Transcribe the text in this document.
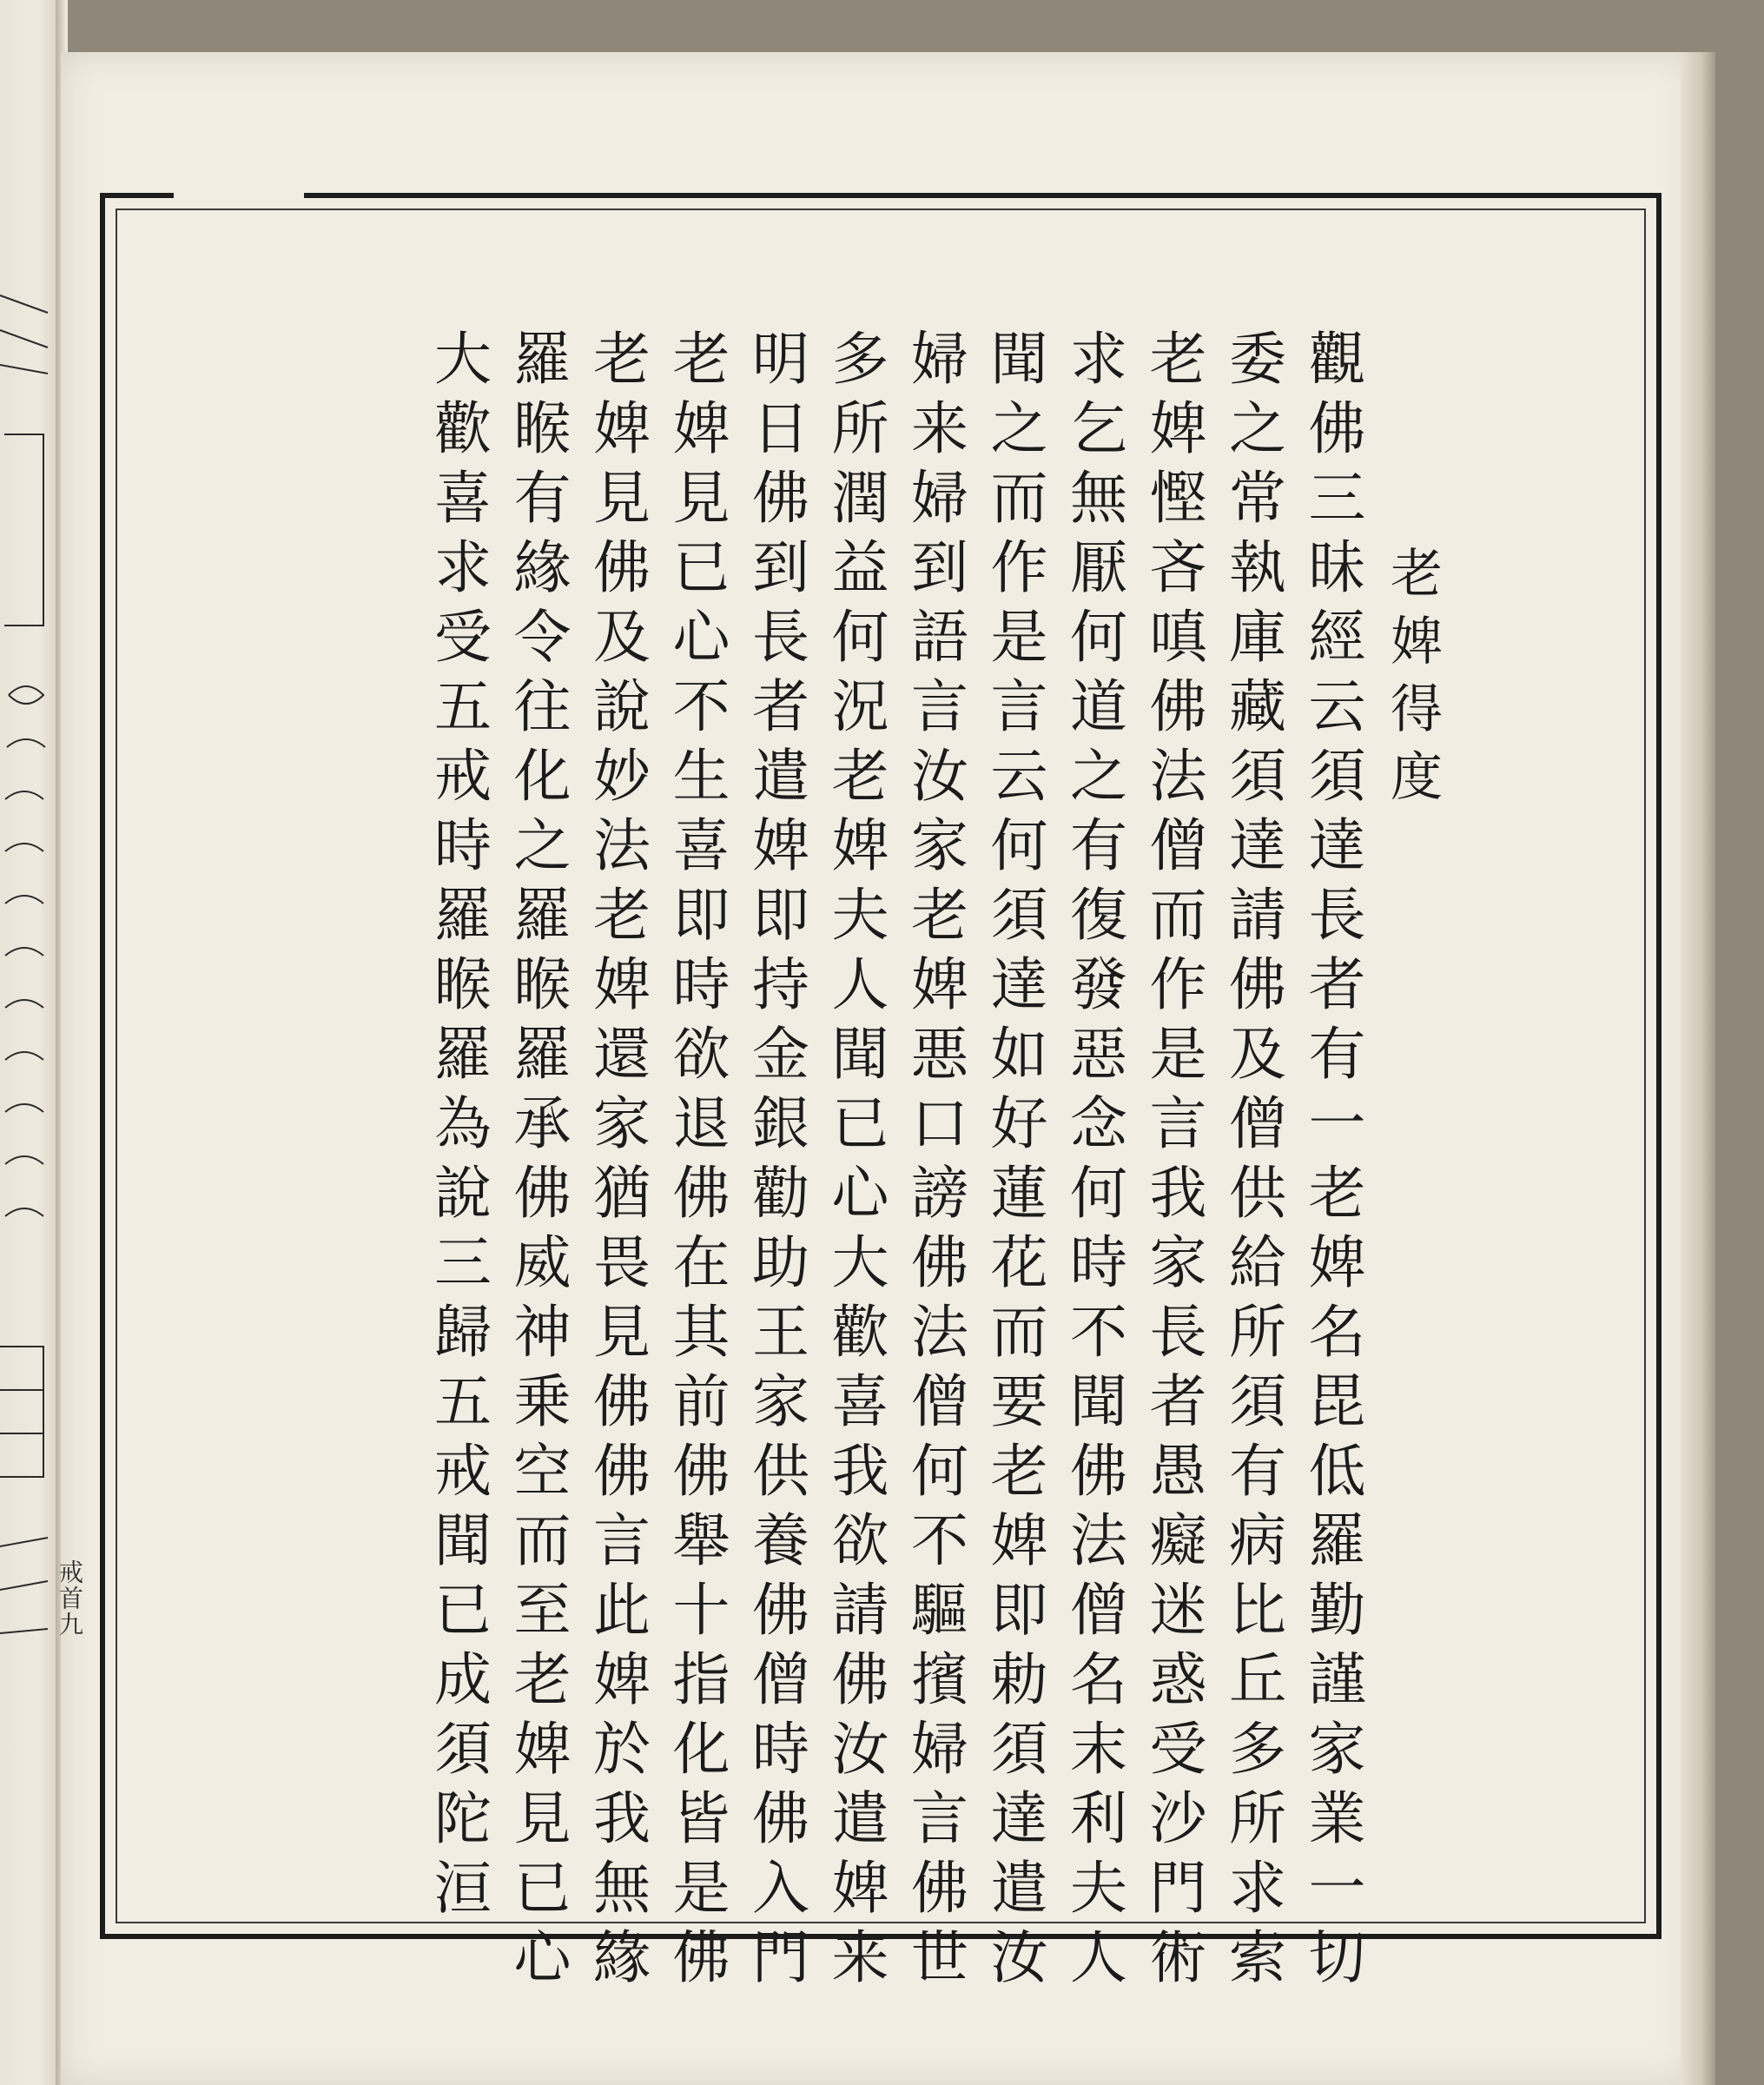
老婢得度
觀佛三昧經云須達長者有一老婢名毘低羅勤謹家業一切
委之常執庫藏須達請佛及僧供給所須有病比丘多所求索
老婢慳吝嗔佛法僧而作是言我家長者愚癡迷惑受沙門術
求乞無厭何道之有復發惡念何時不聞佛法僧名末利夫人
聞之而作是言云何須達如好蓮花而要老婢即勅須達遣汝
婦来婦到語言汝家老婢悪口謗佛法僧何不驅擯婦言佛世
多所潤益何況老婢夫人聞已心大歡喜我欲請佛汝遣婢来
明日佛到長者遣婢即持金銀勸助王家供養佛僧時佛入門
老婢見已心不生喜即時欲退佛在其前佛舉十指化皆是佛
老婢見佛及說妙法老婢還家猶畏見佛佛言此婢於我無緣
羅睺有緣令往化之羅睺羅承佛威神乗空而至老婢見已心
大歡喜求受五戒時羅睺羅為說三歸五戒聞已成須陀洹
戒首九
